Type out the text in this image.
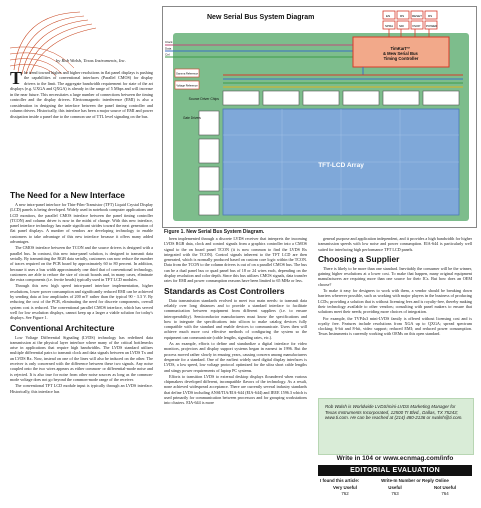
by Rob Walsh, Texas Instruments, Inc.
The trend toward higher and higher resolutions in flat panel displays is pushing the capabilities of conventional interfaces (Parallel CMOS) for display drivers to the limit. The aggregate bandwidth requirement for state of the art displays (e.g. UXGA and QXGA) is already in the range of 5 Mbps and will increase in the near future. This necessitates a large number of connections between the timing controller and the display drivers. Electromagnetic interference (EMI) is also a consideration in designing the interface between the panel timing controller and column drivers. Historically, this interface has been a major source of EMI and power dissipation inside a panel due to the common use of TTL level signaling on the bus.
The Need for a New Interface

A new intra-panel interface for Thin-Film-Transistor (TFT) Liquid Crystal Display (LCD) panels is being developed. Widely used in notebook computer applications and LCD monitors, the parallel CMOS interface between the panel timing controller (TCON) and column driver is now in the midst of change. With this new interface, panel interface technology has made significant strides toward the next generation of flat panel displays. A number of vendors are developing technology to enable customers to take advantage of this new interface because it offers many added advantages.

The CMOS interface between the TCON and the source drivers is designed with a parallel bus. In contrast, this new intra-panel solution, is designed to transmit data serially. By transmitting the RGB data serially, customers can now reduce the number of traces required on the PCB board by approximately 60 to 80 percent. In addition, because it uses a bus width approximately one third that of conventional technology, customers are able to reduce the size of circuit boards and, in many cases, eliminate the extra components (i.e. ferrite beads) typically used in TFT LCD modules.

Through this new high speed intra-panel interface implementation, higher resolutions, lower power consumption and significantly reduced EMI can be achieved by sending data at low amplitudes of 200 mV rather than the typical 90 - 3.3 V. By reducing the cost of the PCB, eliminating the need for discrete components, overall system cost is reduced. The conventional parallel CMOS interface, which has served well for low resolution displays, cannot keep up a larger a viable solution for today's displays. See Figure 1.

Conventional Architecture

Low Voltage Differential Signaling (LVDS) technology has redefined data transmission at the physical layer interface where many of the critical bottlenecks arise in applications that require high bandwidths. The LVDS standard utilizes multiple differential pairs to transmit clock and data signals between an LVDS Tx and an LVDS Rx. Now, instead on one of the lines will also be induced on the other. The receiver is only concerned with the difference between these two signals. Any noise coupled onto the two wires appears as either common- or differential-mode noise and is rejected. It is also true for noise from other noise sources as long as the common-mode voltage does not go beyond the common-mode range of the receiver.

The conventional TFT LCD module input is typically through an LVDS interface. Historically, this interface has

New Serial Bus System Diagram	EN	RS	RESET RS
SPRA SDI	VSOP POWER
Clock
Data
Ctrl
TimKart™ & Mew Serial Bus Timing Controller
Source Driver Chips
Gate Drivers
Gamma Reference
Voltage Reference
TFT-LCD Array
Figure 1. New Serial Bus System Diagram.

been implemented through a discrete LVDS receiver that interprets the incoming LVDS RGB data, clock and control signals from a graphics controller into a CMOS signal to the on board panel TCON (it is now common to find the LVDS Rx integrated with the TCON). Control signals inherent to the TFT LCD are then generated, which is normally produced based on custom core logic within the TCON. Data from the TCON to the column drivers is out of on a parallel CMOS bus. The bus can be a dual panel bus or quad panel bus of 18 or 24 wires each, depending on the display resolution and color depth. Since this bus utilizes CMOS signals, data transfer rates for EMI and power consumption reasons have been limited to 65 MHz or less.

Standards as Cost Controllers

Data transmission standards evolved to meet two main needs: to transmit data reliably over long distances and to provide a standard interface to facilitate communication between equipment from different suppliers (i.e. to ensure interoperability). Semiconductor manufacturers must know the specifications and how to integrate the specifications into silicon to make catalog devices fully compatible with the standard and enable devices to communicate. Users then will achieve much more cost effective methods of configuring the system so the equipment can communicate (cable lengths, signaling rates, etc.).

As an example, efforts to define and standardize a digital interface for video monitors, projectors and display support systems began in earnest in 1996. But the process moved rather slowly in ensuing years, causing concern among manufacturers desperate for a standard. One of the earliest widely used digital display interfaces is LVDS, a low speed, low voltage protocol optimized for the ultra short cable lengths and stingy power requirements of laptop PC systems.

Efforts to transition LVDS to external desktop displays floundered when various chipmakers developed different, incompatible flavors of the technology. As a result, none achieved widespread acceptance. There are currently several industry standards that define LVDS including ANSI/TIA/EIA-644 (EIA-644) and IEEE 1596.3 which is used primarily for communication between processors and for grouping workstations into clusters. EIA-644 is more

general purpose and application independent, and it provides a high bandwidth for higher transmission speeds with low noise and power consumption. EIA-644 is particularly well suited for interfacing high performance TFT LCD panels.

Choosing a Supplier

There is likely to be more than one standard. Inevitably the consumer will be the winner, gaining higher resolutions at a lower cost. To make that happen, many original equipment manufacturers are requiring more than one source for their ICs. But how does an OEM choose?

To make it easy for designers to work with them, a vendor should be breaking down barriers wherever possible, such as working with major players in the business of producing LCDs; providing a solution that is without licensing fees and is royalty-free, thereby making their technology available to other vendors; consulting with panel makers to ensure that solutions meet their needs; providing more choices of integration.

For example, the TVP4x3 mini-LVDS family is offered without licensing cost and is royalty free. Features include resolutions from XGA up to QXGA; spread spectrum clocking; 6-bit and 8-bit, video support; reduced EMI; and reduced power consumption. Texas Instruments is currently working with OEMs on this open standard.

Rob Walsh is Worldwide LVDS/mini-LVDS Marketing Manager for Texas Instruments Incorporated, 12500 TI Blvd., Dallas, TX 75243; www.ti.com. He can be reached at (214) 480-2136 or rwalsh@ti.com.
Write in 104 or www.ecnmag.com/info
EDITORIAL EVALUATION
I found this article:	Write-In Number or Reply Online
Very Useful	Useful	Not Useful
762	763	764
